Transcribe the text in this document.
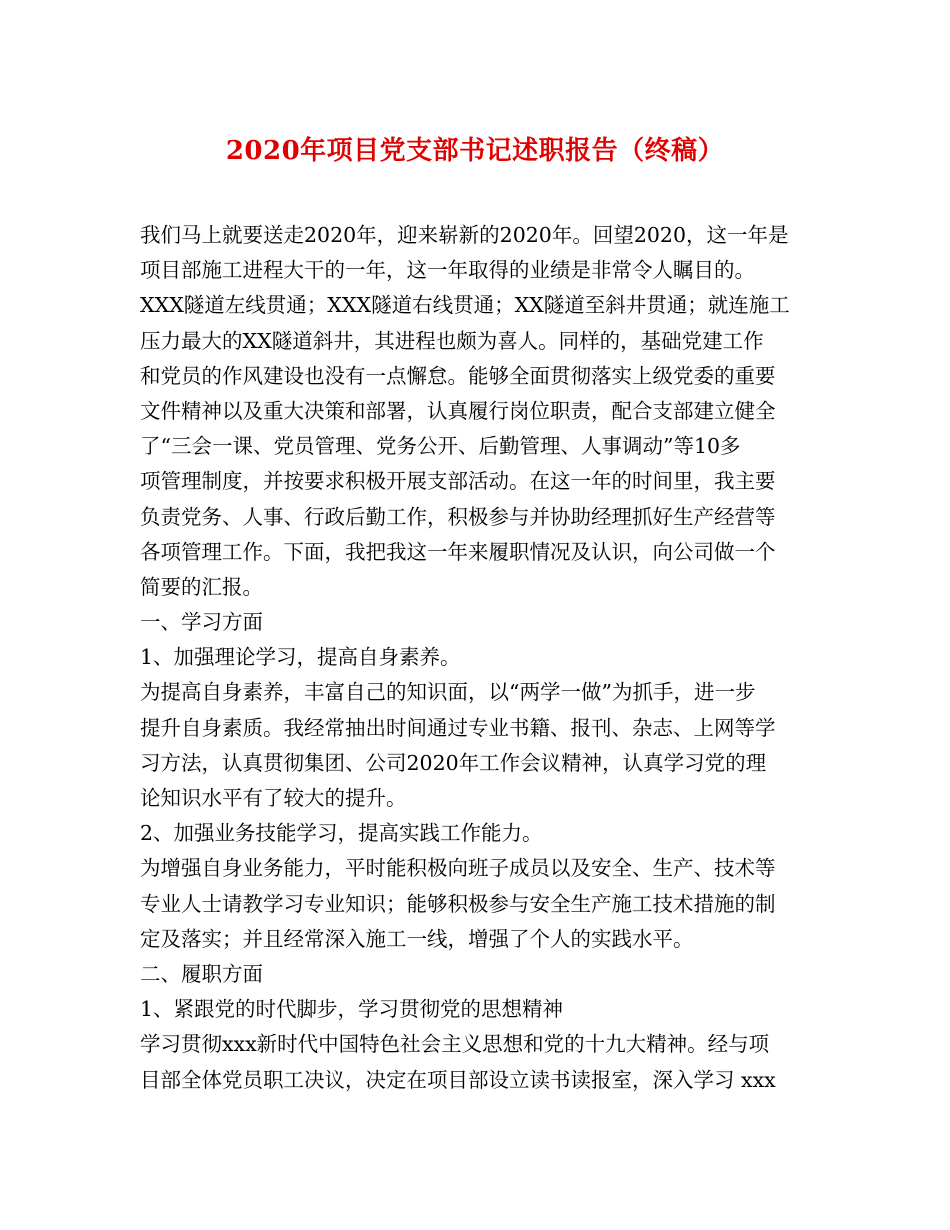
2020年项目党支部书记述职报告（终稿）

我们马上就要送走2020年，迎来崭新的2020年。回望2020，这一年是

项目部施工进程大干的一年，这一年取得的业绩是非常令人瞩目的。

XXX隧道左线贯通；XXX隧道右线贯通；XX隧道至斜井贯通；就连施工

压力最大的XX隧道斜井，其进程也颇为喜人。同样的，基础党建工作

和党员的作风建设也没有一点懈怠。能够全面贯彻落实上级党委的重要

文件精神以及重大决策和部署，认真履行岗位职责，配合支部建立健全

了“三会一课、党员管理、党务公开、后勤管理、人事调动”等10多

项管理制度，并按要求积极开展支部活动。在这一年的时间里，我主要

负责党务、人事、行政后勤工作，积极参与并协助经理抓好生产经营等

各项管理工作。下面，我把我这一年来履职情况及认识，向公司做一个

简要的汇报。

一、学习方面

1、加强理论学习，提高自身素养。

为提高自身素养，丰富自己的知识面，以“两学一做”为抓手，进一步

提升自身素质。我经常抽出时间通过专业书籍、报刊、杂志、上网等学

习方法，认真贯彻集团、公司2020年工作会议精神，认真学习党的理

论知识水平有了较大的提升。

2、加强业务技能学习，提高实践工作能力。

为增强自身业务能力，平时能积极向班子成员以及安全、生产、技术等

专业人士请教学习专业知识；能够积极参与安全生产施工技术措施的制

定及落实；并且经常深入施工一线，增强了个人的实践水平。

二、履职方面

1、紧跟党的时代脚步，学习贯彻党的思想精神

学习贯彻xxx新时代中国特色社会主义思想和党的十九大精神。经与项

目部全体党员职工决议，决定在项目部设立读书读报室，深入学习 xxx
